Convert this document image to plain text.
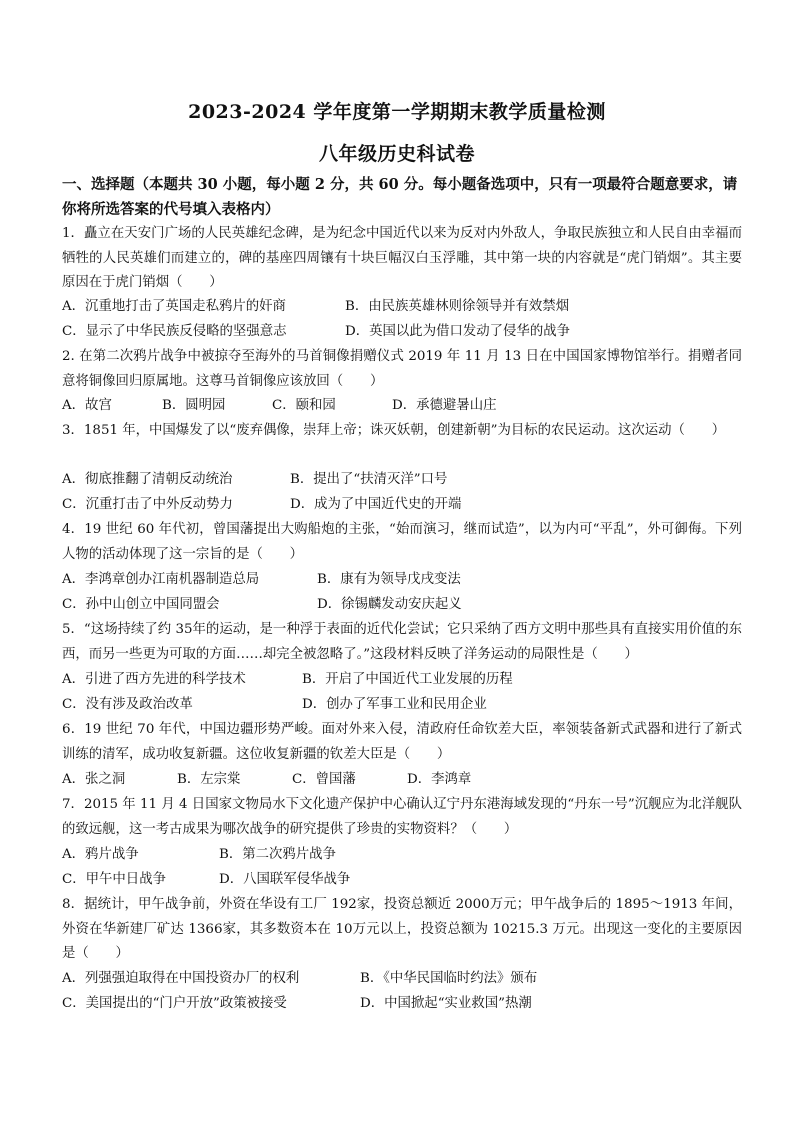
2023-2024 学年度第一学期期末教学质量检测
八年级历史科试卷
一、选择题（本题共 30 小题，每小题 2 分，共 60 分。每小题备选项中，只有一项最符合题意要求，请你将所选答案的代号填入表格内）
1．矗立在天安门广场的人民英雄纪念碑，是为纪念中国近代以来为反对内外敌人，争取民族独立和人民自由幸福而牺牲的人民英雄们而建立的，碑的基座四周镶有十块巨幅汉白玉浮雕，其中第一块的内容就是“虎门销烟”。其主要原因在于虎门销烟（　　）
A．沉重地打击了英国走私鸦片的奸商	B．由民族英雄林则徐领导并有效禁烟
C．显示了中华民族反侵略的坚强意志	D．英国以此为借口发动了侵华的战争
2. 在第二次鸦片战争中被掠夺至海外的马首铜像捐赠仪式 2019 年 11 月 13 日在中国国家博物馆举行。捐赠者同意将铜像回归原属地。这尊马首铜像应该放回（　　）
A．故宫	B．圆明园	C．颐和园	D．承德避暑山庄
3．1851 年，中国爆发了以“废弃偶像，崇拜上帝；诛灭妖朝，创建新朝”为目标的农民运动。这次运动（　　）
A．彻底推翻了清朝反动统治	B．提出了“扶清灭洋”口号
C．沉重打击了中外反动势力	D．成为了中国近代史的开端
4．19 世纪 60 年代初，曾国藩提出大购船炮的主张，“始而演习，继而试造”，以为内可“平乱”，外可御侮。下列人物的活动体现了这一宗旨的是（　　）
A．李鸿章创办江南机器制造总局	B．康有为领导戊戌变法
C．孙中山创立中国同盟会	D．徐锡麟发动安庆起义
5．“这场持续了约 35年的运动，是一种浮于表面的近代化尝试；它只采纳了西方文明中那些具有直接实用价值的东西，而另一些更为可取的方面……却完全被忽略了。”这段材料反映了洋务运动的局限性是（　　）
A．引进了西方先进的科学技术	B．开启了中国近代工业发展的历程
C．没有涉及政治改革	D．创办了军事工业和民用企业
6．19 世纪 70 年代，中国边疆形势严峻。面对外来入侵，清政府任命钦差大臣，率领装备新式武器和进行了新式训练的清军，成功收复新疆。这位收复新疆的钦差大臣是（　　）
A．张之洞	B．左宗棠	C．曾国藩	D．李鸿章
7．2015 年 11 月 4 日国家文物局水下文化遗产保护中心确认辽宁丹东港海域发现的“丹东一号”沉舰应为北洋舰队的致远舰，这一考古成果为哪次战争的研究提供了珍贵的实物资料？（　　）
A．鸦片战争	B．第二次鸦片战争
C．甲午中日战争	D．八国联军侵华战争
8．据统计，甲午战争前，外资在华设有工厂 192家，投资总额近 2000万元；甲午战争后的 1895～1913 年间，外资在华新建厂矿达 1366家，其多数资本在 10万元以上，投资总额为 10215.3 万元。出现这一变化的主要原因是（　　）
A．列强强迫取得在中国投资办厂的权利	B．《中华民国临时约法》颁布
C．美国提出的“门户开放”政策被接受	D．中国掀起“实业救国”热潮
